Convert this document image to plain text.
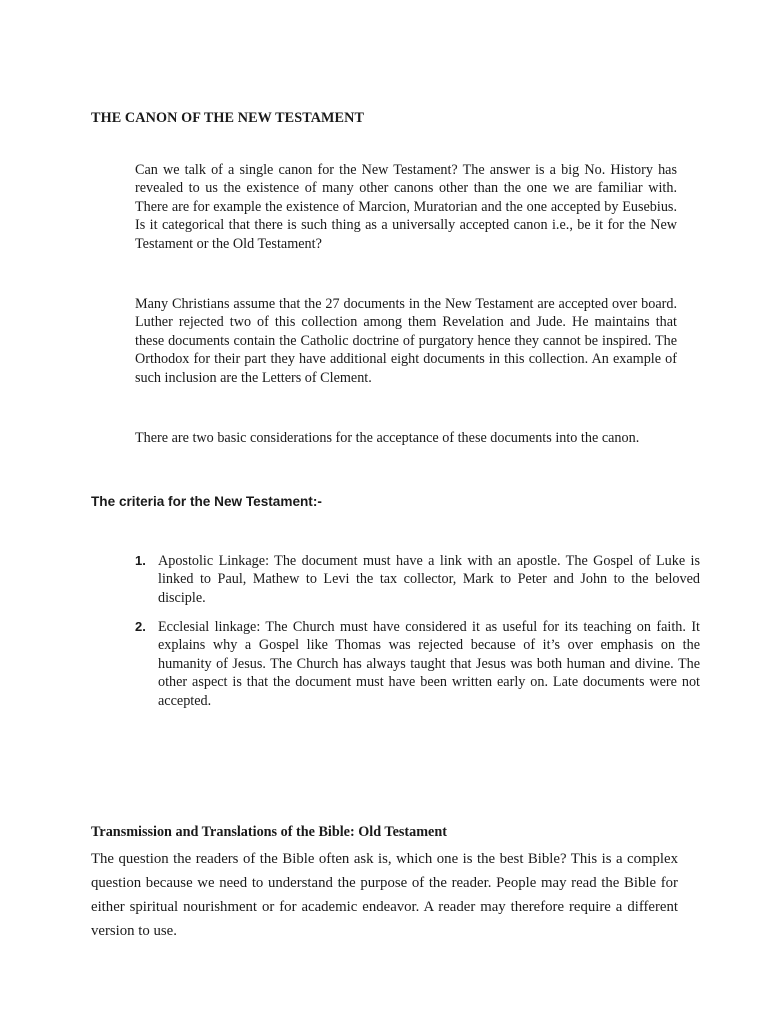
THE CANON OF THE NEW TESTAMENT

Can we talk of a single canon for the New Testament? The answer is a big No. History has revealed to us the existence of many other canons other than the one we are familiar with. There are for example the existence of Marcion, Muratorian and the one accepted by Eusebius. Is it categorical that there is such thing as a universally accepted canon i.e., be it for the New Testament or the Old Testament?

Many Christians assume that the 27 documents in the New Testament are accepted over board. Luther rejected two of this collection among them Revelation and Jude. He maintains that these documents contain the Catholic doctrine of purgatory hence they cannot be inspired. The Orthodox for their part they have additional eight documents in this collection. An example of such inclusion are the Letters of Clement.

There are two basic considerations for the acceptance of these documents into the canon.

The criteria for the New Testament:-
1. Apostolic Linkage: The document must have a link with an apostle. The Gospel of Luke is linked to Paul, Mathew to Levi the tax collector, Mark to Peter and John to the beloved disciple.
2. Ecclesial linkage: The Church must have considered it as useful for its teaching on faith. It explains why a Gospel like Thomas was rejected because of it’s over emphasis on the humanity of Jesus. The Church has always taught that Jesus was both human and divine. The other aspect is that the document must have been written early on. Late documents were not accepted.
Transmission and Translations of the Bible: Old Testament

The question the readers of the Bible often ask is, which one is the best Bible? This is a complex question because we need to understand the purpose of the reader. People may read the Bible for either spiritual nourishment or for academic endeavor. A reader may therefore require a different version to use.
